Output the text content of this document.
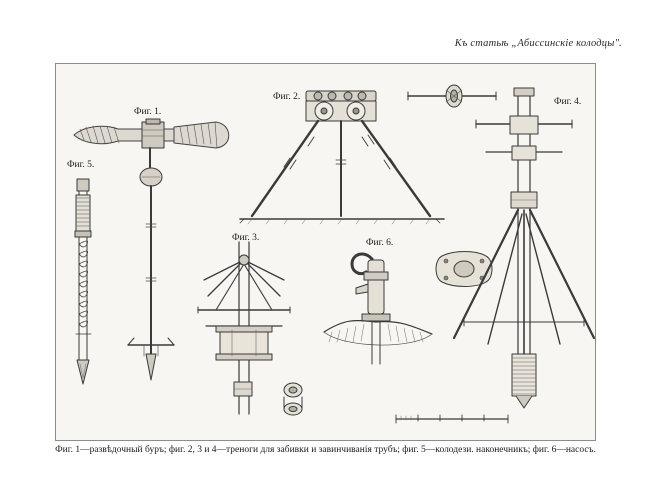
Къ статьѣ „Абиссинскіе колодцы".
Фиг. 1.
Фиг. 2.
Фиг. 3.
Фиг. 4.
Фиг. 5.
Фиг. 6.
Фиг. 1—развѣдочный буръ; фиг. 2, 3 и 4—треноги для забивки и завинчиванія трубъ; фиг. 5—колодези. наконечникъ; фиг. 6—насосъ.
